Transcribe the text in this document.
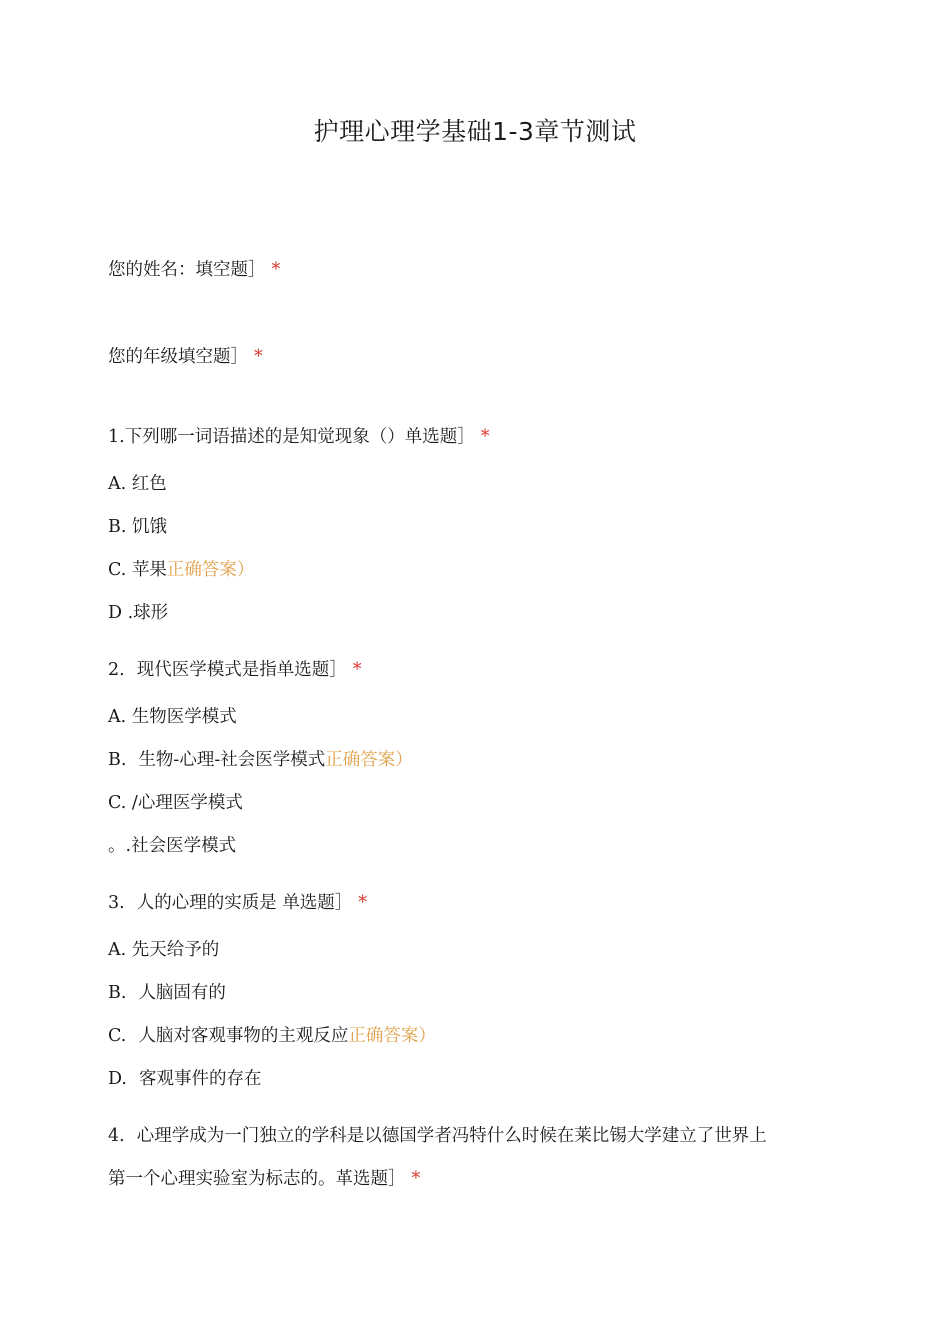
护理心理学基础1-3章节测试
您的姓名：填空题］ *
您的年级填空题］ *
1.下列哪一词语描述的是知觉现象（）单选题］ *
A. 红色
B. 饥饿
C. 苹果正确答案）
D .球形
2. 现代医学模式是指单选题］ *
A. 生物医学模式
B. 生物-心理-社会医学模式正确答案）
C. /心理医学模式
。.社会医学模式
3. 人的心理的实质是 单选题］ *
A. 先天给予的
B. 人脑固有的
C. 人脑对客观事物的主观反应正确答案）
D. 客观事件的存在
4. 心理学成为一门独立的学科是以德国学者冯特什么时候在莱比锡大学建立了世界上
第一个心理实验室为标志的。革选题］ *
